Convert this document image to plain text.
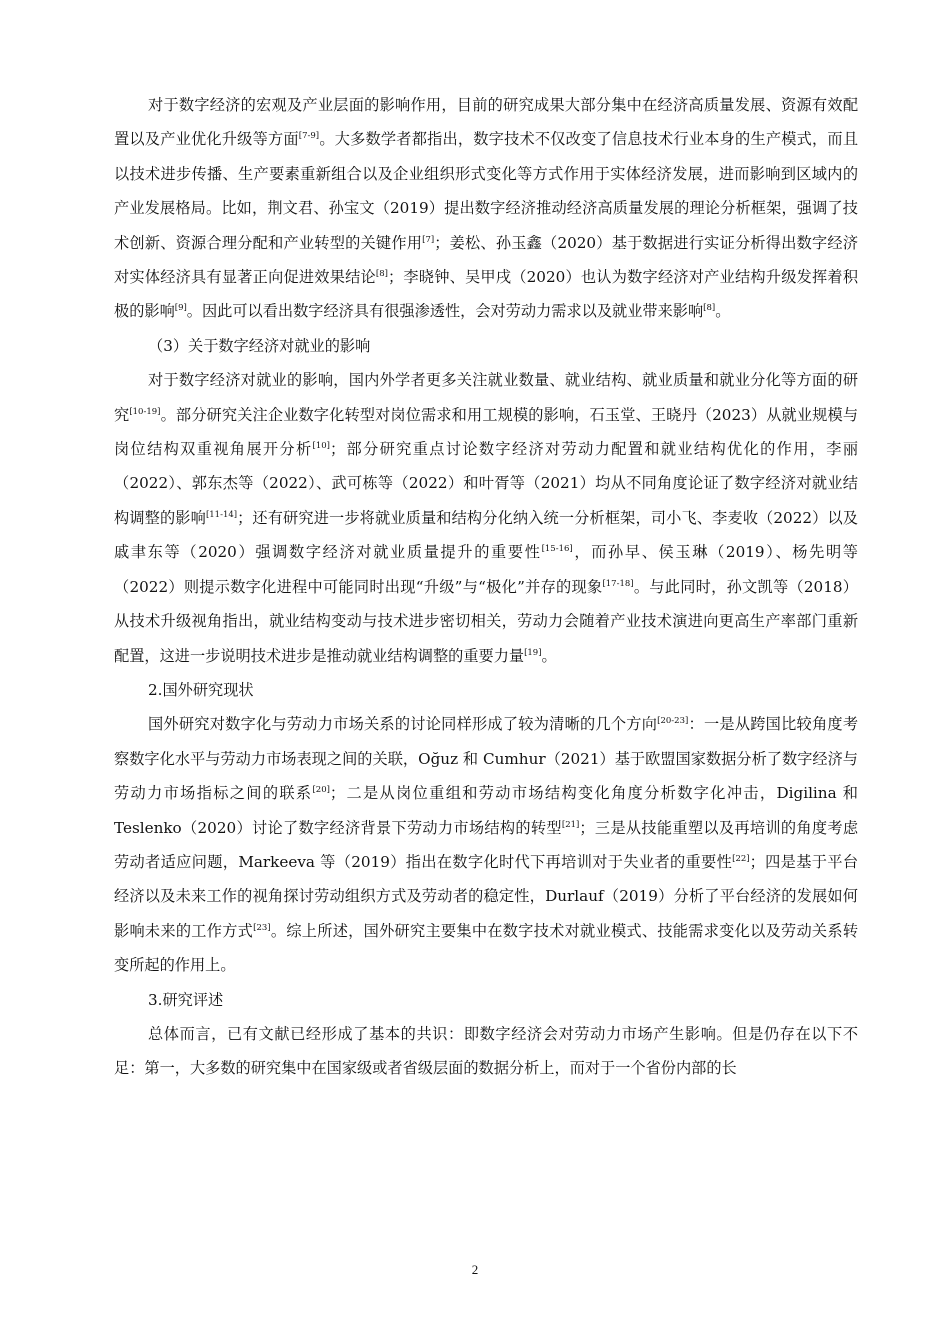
对于数字经济的宏观及产业层面的影响作用，目前的研究成果大部分集中在经济高质量发展、资源有效配置以及产业优化升级等方面[7-9]。大多数学者都指出，数字技术不仅改变了信息技术行业本身的生产模式，而且以技术进步传播、生产要素重新组合以及企业组织形式变化等方式作用于实体经济发展，进而影响到区域内的产业发展格局。比如，荆文君、孙宝文（2019）提出数字经济推动经济高质量发展的理论分析框架，强调了技术创新、资源合理分配和产业转型的关键作用[7]；姜松、孙玉鑫（2020）基于数据进行实证分析得出数字经济对实体经济具有显著正向促进效果结论[8]；李晓钟、吴甲戌（2020）也认为数字经济对产业结构升级发挥着积极的影响[9]。因此可以看出数字经济具有很强渗透性，会对劳动力需求以及就业带来影响[8]。

（3）关于数字经济对就业的影响

对于数字经济对就业的影响，国内外学者更多关注就业数量、就业结构、就业质量和就业分化等方面的研究[10-19]。部分研究关注企业数字化转型对岗位需求和用工规模的影响，石玉堂、王晓丹（2023）从就业规模与岗位结构双重视角展开分析[10]；部分研究重点讨论数字经济对劳动力配置和就业结构优化的作用，李丽（2022）、郭东杰等（2022）、武可栋等（2022）和叶胥等（2021）均从不同角度论证了数字经济对就业结构调整的影响[11-14]；还有研究进一步将就业质量和结构分化纳入统一分析框架，司小飞、李麦收（2022）以及戚聿东等（2020）强调数字经济对就业质量提升的重要性[15-16]，而孙早、侯玉琳（2019）、杨先明等 （2022）则提示数字化进程中可能同时出现“升级”与“极化”并存的现象[17-18]。与此同时，孙文凯等（2018）从技术升级视角指出，就业结构变动与技术进步密切相关，劳动力会随着产业技术演进向更高生产率部门重新配置，这进一步说明技术进步是推动就业结构调整的重要力量[19]。

2.国外研究现状

国外研究对数字化与劳动力市场关系的讨论同样形成了较为清晰的几个方向[20-23]：一是从跨国比较角度考察数字化水平与劳动力市场表现之间的关联，Oğuz 和 Cumhur（2021）基于欧盟国家数据分析了数字经济与劳动力市场指标之间的联系[20]；二是从岗位重组和劳动市场结构变化角度分析数字化冲击，Digilina 和 Teslenko（2020）讨论了数字经济背景下劳动力市场结构的转型[21]；三是从技能重塑以及再培训的角度考虑劳动者适应问题，Markeeva 等（2019）指出在数字化时代下再培训对于失业者的重要性[22]；四是基于平台经济以及未来工作的视角探讨劳动组织方式及劳动者的稳定性，Durlauf（2019）分析了平台经济的发展如何影响未来的工作方式[23]。综上所述，国外研究主要集中在数字技术对就业模式、技能需求变化以及劳动关系转变所起的作用上。

3.研究评述

总体而言，已有文献已经形成了基本的共识：即数字经济会对劳动力市场产生影响。但是仍存在以下不足：第一，大多数的研究集中在国家级或者省级层面的数据分析上，而对于一个省份内部的长

2
